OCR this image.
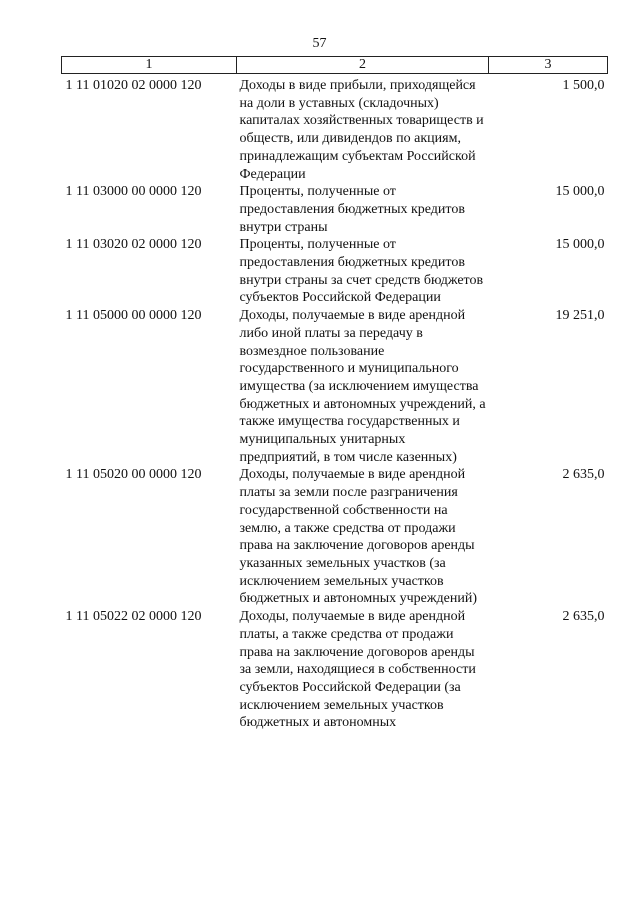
57
1	2	3
1 11 01020 02 0000 120	Доходы в виде прибыли, приходящейся на доли в уставных (складочных) капиталах хозяйственных товариществ и обществ, или дивидендов по акциям, принадлежащим субъектам Российской Федерации	1 500,0
1 11 03000 00 0000 120	Проценты, полученные от предоставления бюджетных кредитов внутри страны	15 000,0
1 11 03020 02 0000 120	Проценты, полученные от предоставления бюджетных кредитов внутри страны за счет средств бюджетов субъектов Российской Федерации	15 000,0
1 11 05000 00 0000 120	Доходы, получаемые в виде арендной либо иной платы за передачу в возмездное пользование государственного и муниципального имущества (за исключением имущества бюджетных и автономных учреждений, а также имущества государственных и муниципальных унитарных предприятий, в том числе казенных)	19 251,0
1 11 05020 00 0000 120	Доходы, получаемые в виде арендной платы за земли после разграничения государственной собственности на землю, а также средства от продажи права на заключение договоров аренды указанных земельных участков (за исключением земельных участков бюджетных и автономных учреждений)	2 635,0
1 11 05022 02 0000 120	Доходы, получаемые в виде арендной платы, а также средства от продажи права на заключение договоров аренды за земли, находящиеся в собственности субъектов Российской Федерации (за исключением земельных участков бюджетных и автономных	2 635,0
